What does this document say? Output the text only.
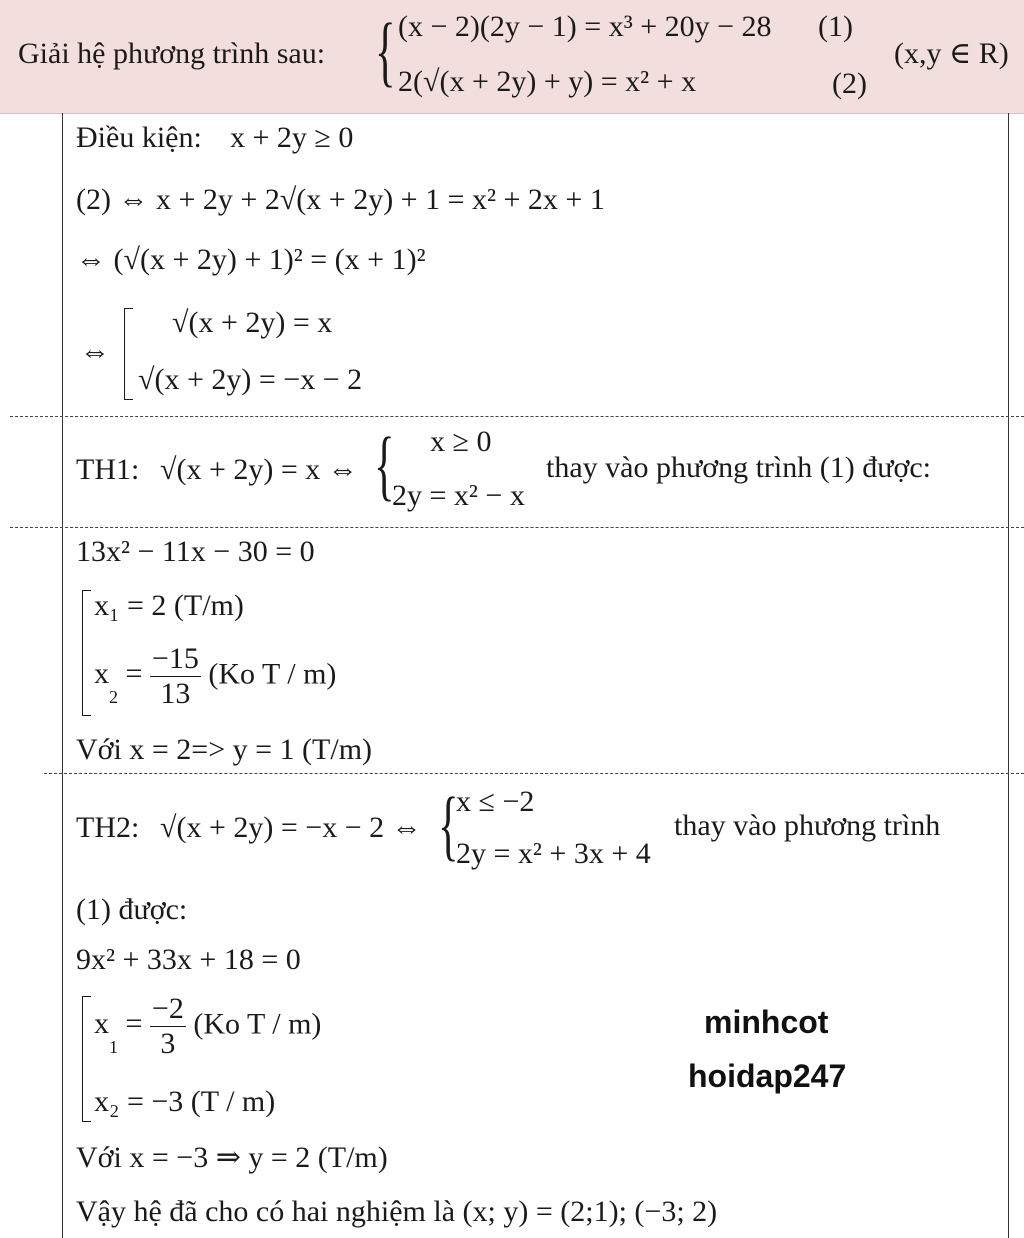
Giải hệ phương trình sau: { (x − 2)(2y − 1) = x³ + 20y − 28 (1)
2(√(x + 2y) + y) = x² + x	(2)
(x,y ∈ R)
Điều kiện: x + 2y ≥ 0
(2) ⇔ x + 2y + 2√(x + 2y) + 1 = x² + 2x + 1
⇔ (√(x + 2y) + 1)² = (x + 1)²
⇔
√(x + 2y) = x
√(x + 2y) = −x − 2
TH1: √(x + 2y) = x ⇔ { x ≥ 0
2y = x² − x
thay vào phương trình (1) được:
13x² − 11x − 30 = 0
x₁ = 2 (T/m)
$x_2 = \frac{-15}{13} (Ko$ T / m)
Với x = 2=> y = 1 (T/m)
TH2: √(x + 2y) = −x − 2 ⇔ {
x ≤ −2
2y = x² + 3x + 4
thay vào phương trình
(1) được:
9x² + 33x + 18 = 0
$x_1 = \frac{-2}{3} (Ko$ T / m)
x₂ = −3 (T / m)
Với x = −3 ⇒ y = 2 (T/m)
Vậy hệ đã cho có hai nghiệm là (x; y) = (2;1); (−3; 2)
minhcot
hoidap247
